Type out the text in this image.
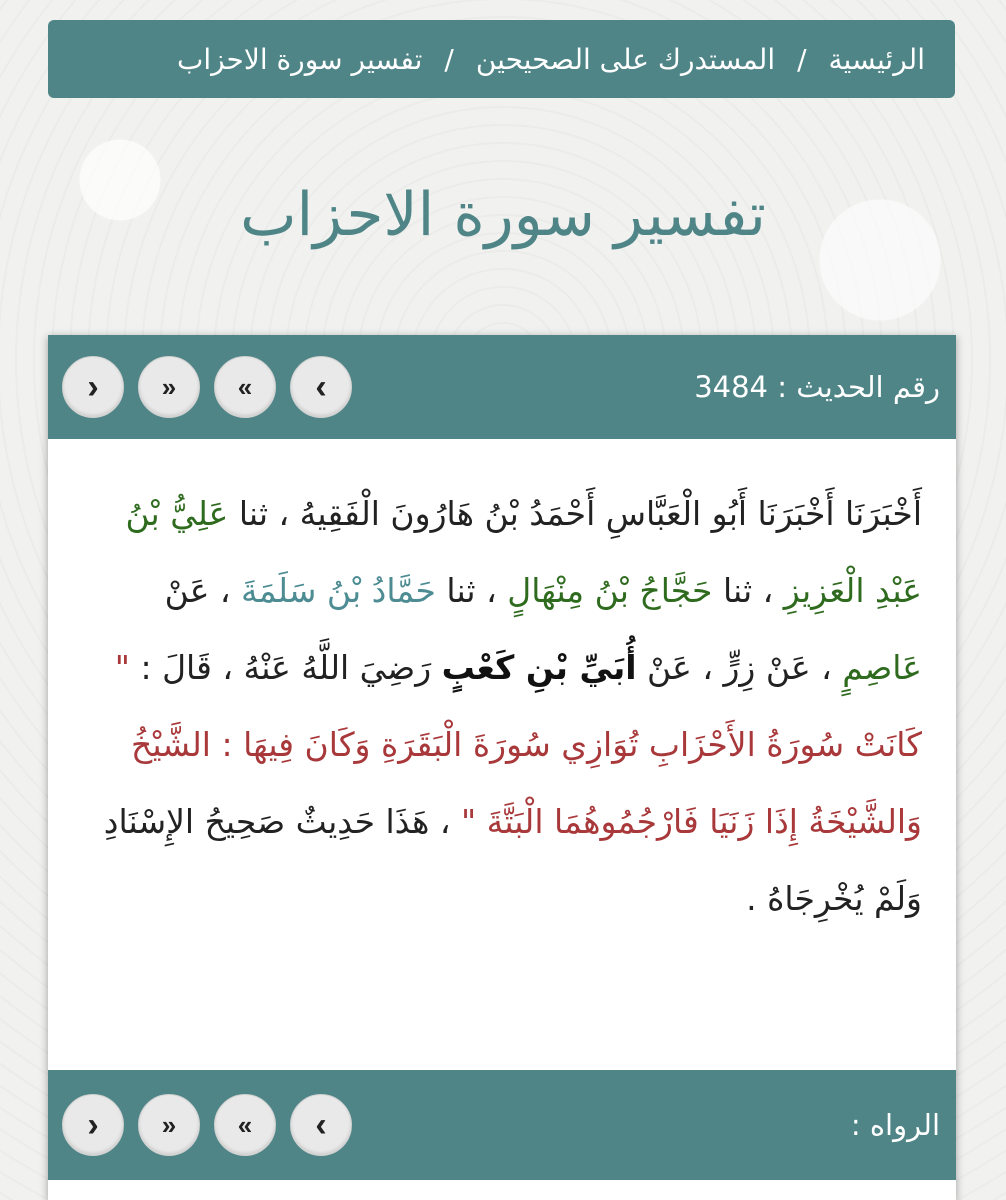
الرئيسية
/
المستدرك على الصحيحين
/
تفسير سورة الاحزاب
تفسير سورة الاحزاب
رقم الحديث : 3484
›
»
«
‹
أَخْبَرَنَا أَخْبَرَنَا أَبُو الْعَبَّاسِ أَحْمَدُ بْنُ هَارُونَ الْفَقِيهُ ، ثنا عَلِيُّ بْنُ عَبْدِ الْعَزِيزِ ، ثنا حَجَّاجُ بْنُ مِنْهَالٍ ، ثنا حَمَّادُ بْنُ سَلَمَةَ ، عَنْ عَاصِمٍ ، عَنْ زِرٍّ ، عَنْ أُبَيِّ بْنِ كَعْبٍ رَضِيَ اللَّهُ عَنْهُ ، قَالَ : " كَانَتْ سُورَةُ الأَحْزَابِ تُوَازِي سُورَةَ الْبَقَرَةِ وَكَانَ فِيهَا : الشَّيْخُ وَالشَّيْخَةُ إِذَا زَنَيَا فَارْجُمُوهُمَا الْبَتَّةَ " ، هَذَا حَدِيثٌ صَحِيحُ الإِسْنَادِ وَلَمْ يُخْرِجَاهُ .
الرواه :
›
»
«
‹
